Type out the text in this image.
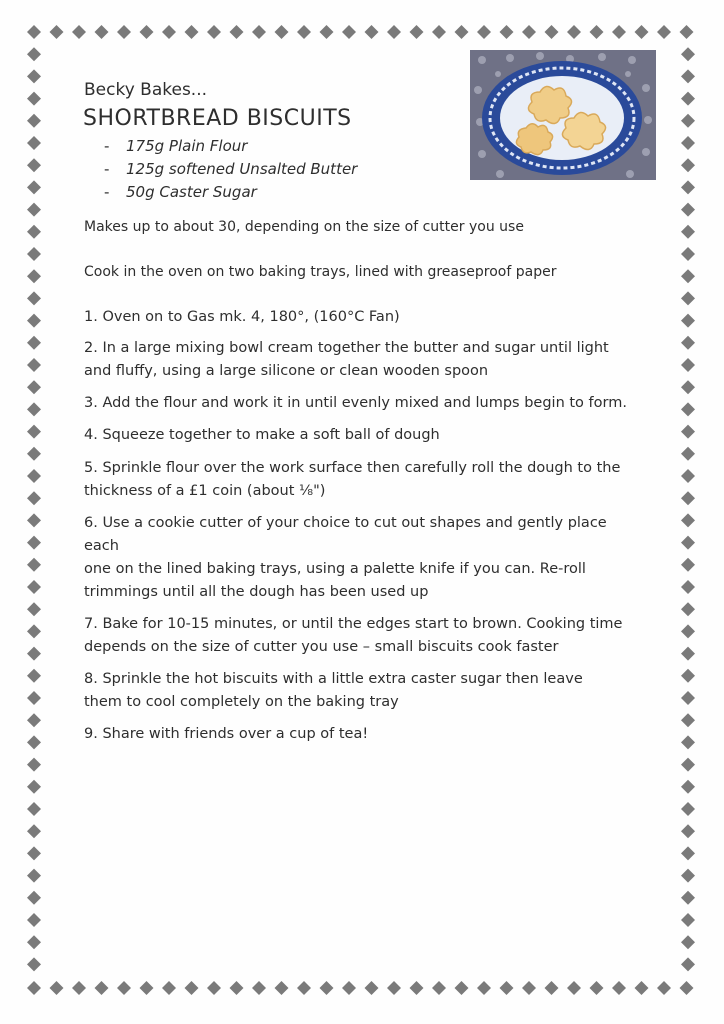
Becky Bakes...
SHORTBREAD BISCUITS
- 175g Plain Flour
- 125g softened Unsalted Butter
- 50g Caster Sugar
Makes up to about 30, depending on the size of cutter you use
Cook in the oven on two baking trays, lined with greaseproof paper
1. Oven on to Gas mk. 4, 180°, (160°C Fan)
2. In a large mixing bowl cream together the butter and sugar until light
and fluffy, using a large silicone or clean wooden spoon
3. Add the flour and work it in until evenly mixed and lumps begin to form.
4. Squeeze together to make a soft ball of dough
5. Sprinkle flour over the work surface then carefully roll the dough to the
thickness of a £1 coin (about ⅛")
6. Use a cookie cutter of your choice to cut out shapes and gently place each
one on the lined baking trays, using a palette knife if you can. Re-roll
trimmings until all the dough has been used up
7. Bake for 10-15 minutes, or until the edges start to brown. Cooking time
depends on the size of cutter you use – small biscuits cook faster
8. Sprinkle the hot biscuits with a little extra caster sugar then leave
them to cool completely on the baking tray
9. Share with friends over a cup of tea!
